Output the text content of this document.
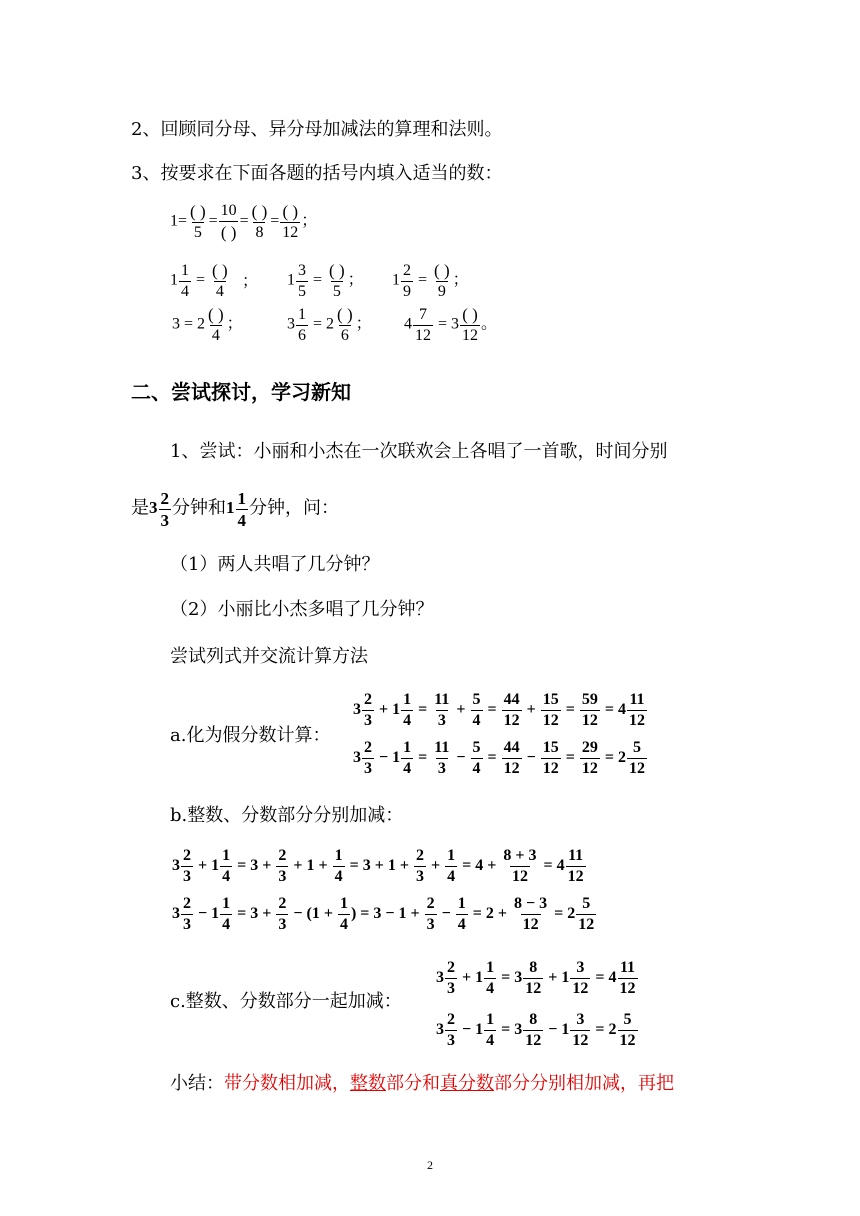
2、回顾同分母、异分母加减法的算理和法则。
3、按要求在下面各题的括号内填入适当的数：
$1= \frac{( )}{5} = \frac{10}{( )} = \frac{( )}{8} = \frac{( )}{12}$ ；
$1 \frac{1}{4} = \frac{( )}{4}$ ； $1 \frac{3}{5} = \frac{( )}{5}$ ； $1 \frac{2}{9} = \frac{( )}{9}$ ；
$3 = 2 \frac{( )}{4}$ ；	$3 \frac{1}{6} = 2 \frac{( )}{6}$ ； $4 \frac{7}{12} = 3 \frac{( )}{12}$ 。
二、尝试探讨，学习新知
1、尝试：小丽和小杰在一次联欢会上各唱了一首歌，时间分别
是$3 \frac{2}{3}$ 分钟和$1 \frac{1}{4}$ 分钟，问：
（1）两人共唱了几分钟？
（2）小丽比小杰多唱了几分钟？
尝试列式并交流计算方法
a.化为假分数计算：
$3 \frac{2}{3} + 1 \frac{1}{4} = \frac{11}{3} + \frac{5}{4} = \frac{44}{12} + \frac{15}{12} = \frac{59}{12} = 4 \frac{11}{12}$
$3 \frac{2}{3} - 1 \frac{1}{4} = \frac{11}{3} - \frac{5}{4} = \frac{44}{12} - \frac{15}{12} = \frac{29}{12} = 2 \frac{5}{12}$
b.整数、分数部分分别加减：
$3 \frac{2}{3} + 1 \frac{1}{4} = 3 + \frac{2}{3} + 1 + \frac{1}{4} = 3 + 1 + \frac{2}{3} + \frac{1}{4} = 4 + \frac{8 + 3}{12} = 4 \frac{11}{12}$
$3 \frac{2}{3} - 1 \frac{1}{4} = 3 + \frac{2}{3} - (1 + \frac{1}{4}$ ) = $3 - 1 + \frac{2}{3} - \frac{1}{4} = 2 + \frac{8 - 3}{12} = 2 \frac{5}{12}$
c.整数、分数部分一起加减：
$3 \frac{2}{3} + 1 \frac{1}{4} = 3 \frac{8}{12} + 1 \frac{3}{12} = 4 \frac{11}{12}$
$3 \frac{2}{3} - 1 \frac{1}{4} = 3 \frac{8}{12} - 1 \frac{3}{12} = 2 \frac{5}{12}$
小结：带分数相加减，整数部分和真分数部分分别相加减，再把
2
